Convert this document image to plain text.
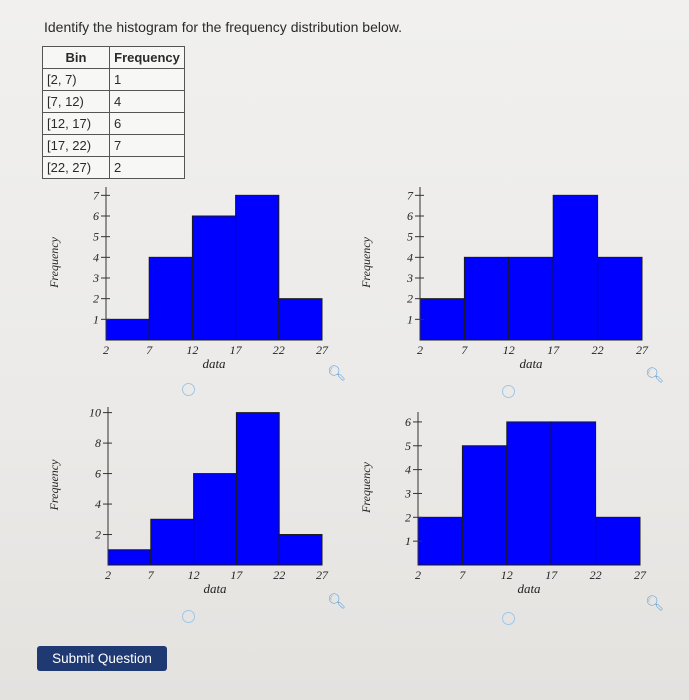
Identify the histogram for the frequency distribution below.
Bin	Frequency
[2, 7)	1
[7, 12)	4
[12, 17)	6
[17, 22)	7
[22, 27)	2
1
2
3
4
5
6
7
2	7	12	17	22	27
data
Frequency
🔍︎
1
2
3
4
5
6
7
2	7	12	17	22	27
data
Frequency
🔍︎
2
4
6
8
10
2	7	12	17	22	27
data
Frequency
🔍︎
1
2
3
4
5
6
2	7	12	17	22	27
data
Frequency
🔍︎
Submit Question
